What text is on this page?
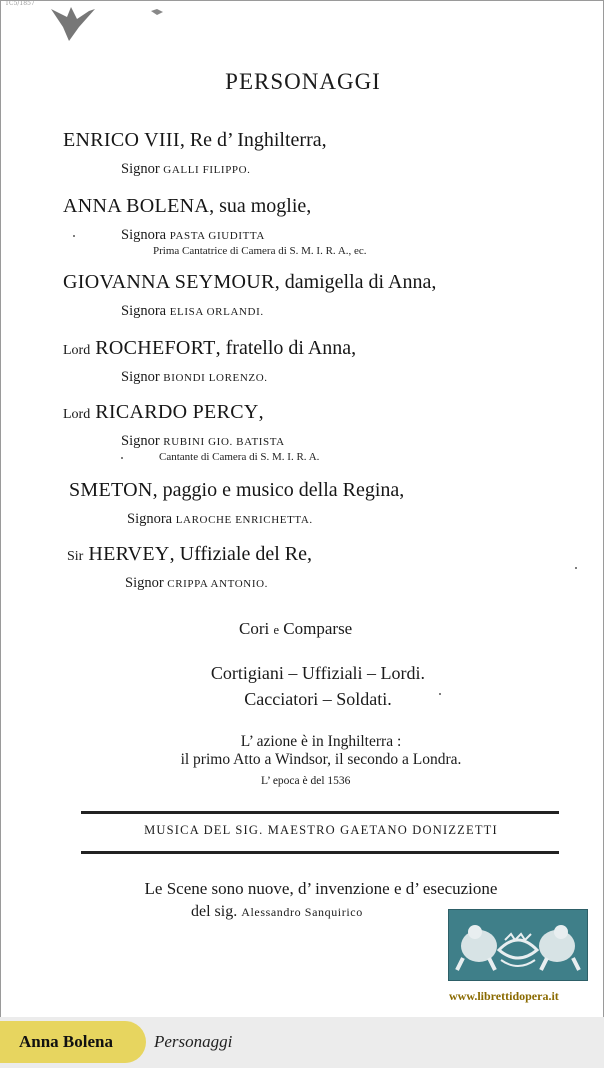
TC5/1857
PERSONAGGI
ENRICO VIII, Re d’ Inghilterra,
Signor GALLI FILIPPO.
ANNA BOLENA, sua moglie,
Signora PASTA GIUDITTA
Prima Cantatrice di Camera di S. M. I. R. A., ec.
GIOVANNA SEYMOUR, damigella di Anna,
Signora ELISA ORLANDI.
Lord ROCHEFORT, fratello di Anna,
Signor BIONDI LORENZO.
Lord RICARDO PERCY,
Signor RUBINI GIO. BATISTA
Cantante di Camera di S. M. I. R. A.
SMETON, paggio e musico della Regina,
Signora LAROCHE ENRICHETTA.
Sir HERVEY, Uffiziale del Re,
Signor CRIPPA ANTONIO.
Cori e Comparse
Cortigiani – Uffiziali – Lordi.
Cacciatori – Soldati.
L’ azione è in Inghilterra :
il primo Atto a Windsor, il secondo a Londra.
L’ epoca è del 1536
MUSICA DEL SIG. MAESTRO GAETANO DONIZZETTI
Le Scene sono nuove, d’ invenzione e d’ esecuzione
del sig. Alessandro Sanquirico
www.librettidopera.it
Anna Bolena Personaggi
